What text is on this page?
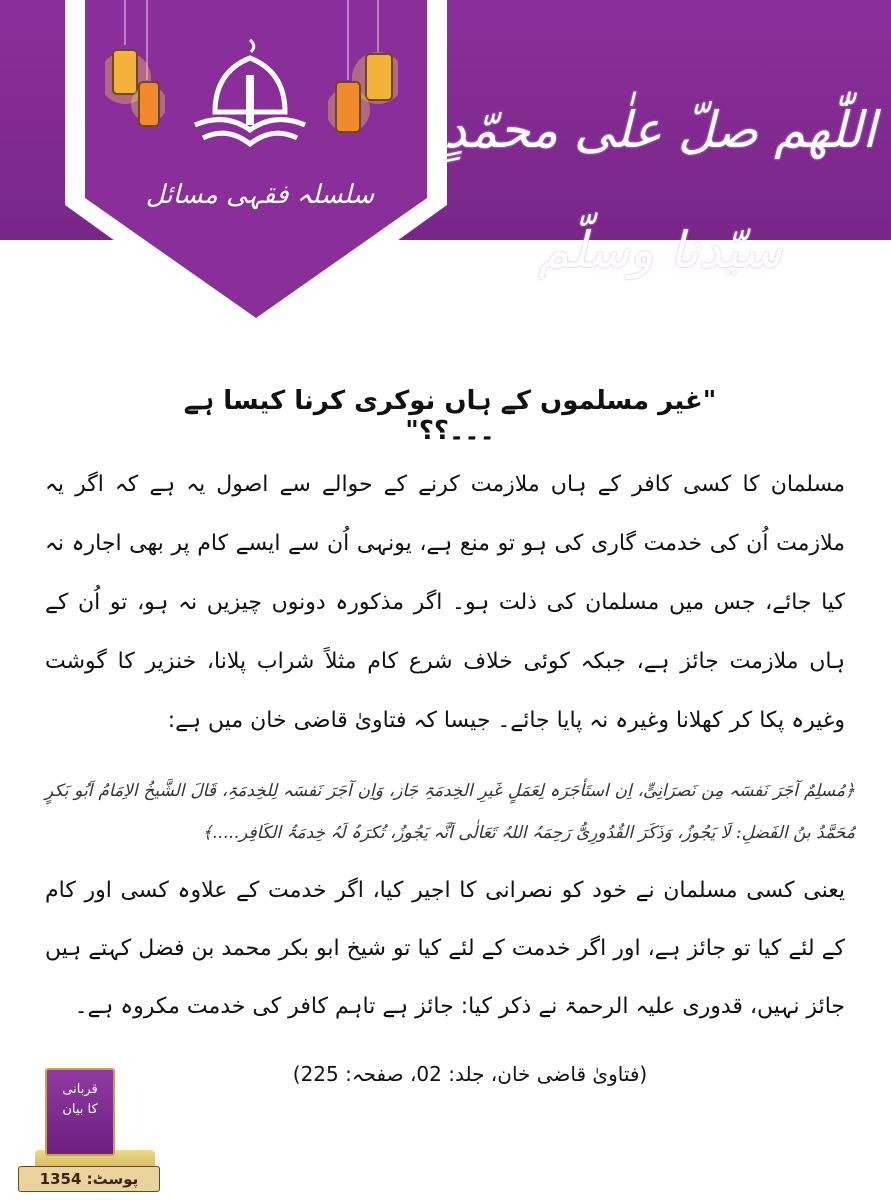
سلسلہ فقہی مسائل
اللّٰھم صلّ علٰی محمّدٍ سیّدنا وسلّم
"غیر مسلموں کے ہاں نوکری کرنا کیسا ہے ۔۔۔؟؟"
مسلمان کا کسی کافر کے ہاں ملازمت کرنے کے حوالے سے اصول یہ ہے کہ اگر یہ ملازمت اُن کی خدمت گاری کی ہو تو منع ہے، یونہی اُن سے ایسے کام پر بھی اجارہ نہ کیا جائے، جس میں مسلمان کی ذلت ہو۔ اگر مذکورہ دونوں چیزیں نہ ہو، تو اُن کے ہاں ملازمت جائز ہے، جبکہ کوئی خلاف شرع کام مثلاً شراب پلانا، خنزیر کا گوشت وغیرہ پکا کر کھلانا وغیرہ نہ پایا جائے۔ جیسا کہ فتاویٰ قاضی خان میں ہے:
﴿مُسلِمٌ آجَرَ نَفسَہ مِن نَصرَانِیٍّ، اِن استَأجَرَہ لِعَمَلٍ غَیرِ الخِدمَۃِ جَاز، وَاِن آجَرَ نَفسَہ لِلخِدمَۃِ، قَالَ الشَّیخُ الاِمَامُ اَبُو بَکرٍ مُحَمَّدُ بنُ الفَضلِ: لَا یَجُوزُ، وَذَکَرَ القُدُورِیُّ رَحِمَہُ اللہُ تَعَالٰی اَنَّہ یَجُوزُ، تُکرَہُ لَہُ خِدمَۃُ الکَافِر.....﴾
یعنی کسی مسلمان نے خود کو نصرانی کا اجیر کیا، اگر خدمت کے علاوہ کسی اور کام کے لئے کیا تو جائز ہے، اور اگر خدمت کے لئے کیا تو شیخ ابو بکر محمد بن فضل کہتے ہیں جائز نہیں، قدوری علیہ الرحمۃ نے ذکر کیا: جائز ہے تاہم کافر کی خدمت مکروہ ہے۔
(فتاویٰ قاضی خان، جلد: 02، صفحہ: 225)
قربانی
کا بیان
پوسٹ: 1354
